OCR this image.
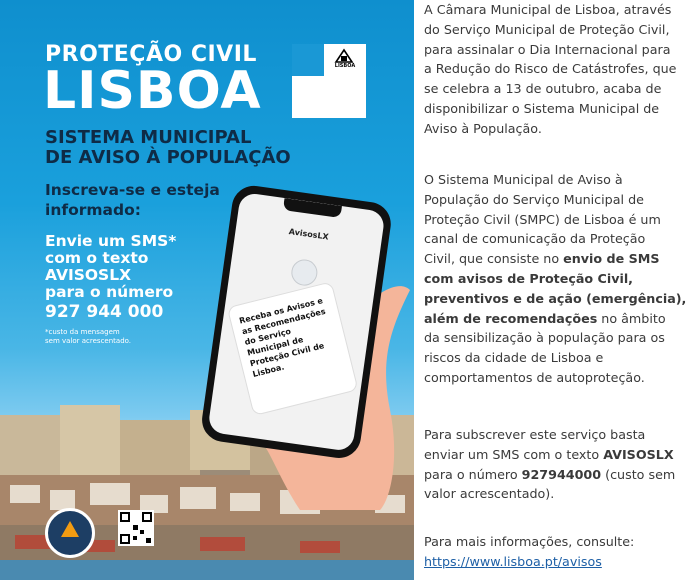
PROTEÇÃO CIVIL
LISBOA
SISTEMA MUNICIPAL
DE AVISO À POPULAÇÃO
Inscreva-se e esteja
informado:
Envie um SMS*
com o texto
AVISOSLX
para o número
927 944 000
*custo da mensagem
sem valor acrescentado.
LISBOA
AvisosLX
Receba os Avisos e as Recomendações do Serviço Municipal de Proteção Civil de Lisboa.
A Câmara Municipal de Lisboa, através
do Serviço Municipal de Proteção Civil,
para assinalar o Dia Internacional para
a Redução do Risco de Catástrofes, que
se celebra a 13 de outubro, acaba de
disponibilizar o Sistema Municipal de
Aviso à População.
O Sistema Municipal de Aviso à
População do Serviço Municipal de
Proteção Civil (SMPC) de Lisboa é um
canal de comunicação da Proteção
Civil, que consiste no envio de SMS
com avisos de Proteção Civil,
preventivos e de ação (emergência),
além de recomendações no âmbito
da sensibilização à população para os
riscos da cidade de Lisboa e
comportamentos de autoproteção.
Para subscrever este serviço basta
enviar um SMS com o texto AVISOSLX
para o número 927944000 (custo sem
valor acrescentado).
Para mais informações, consulte:
https://www.lisboa.pt/avisos
